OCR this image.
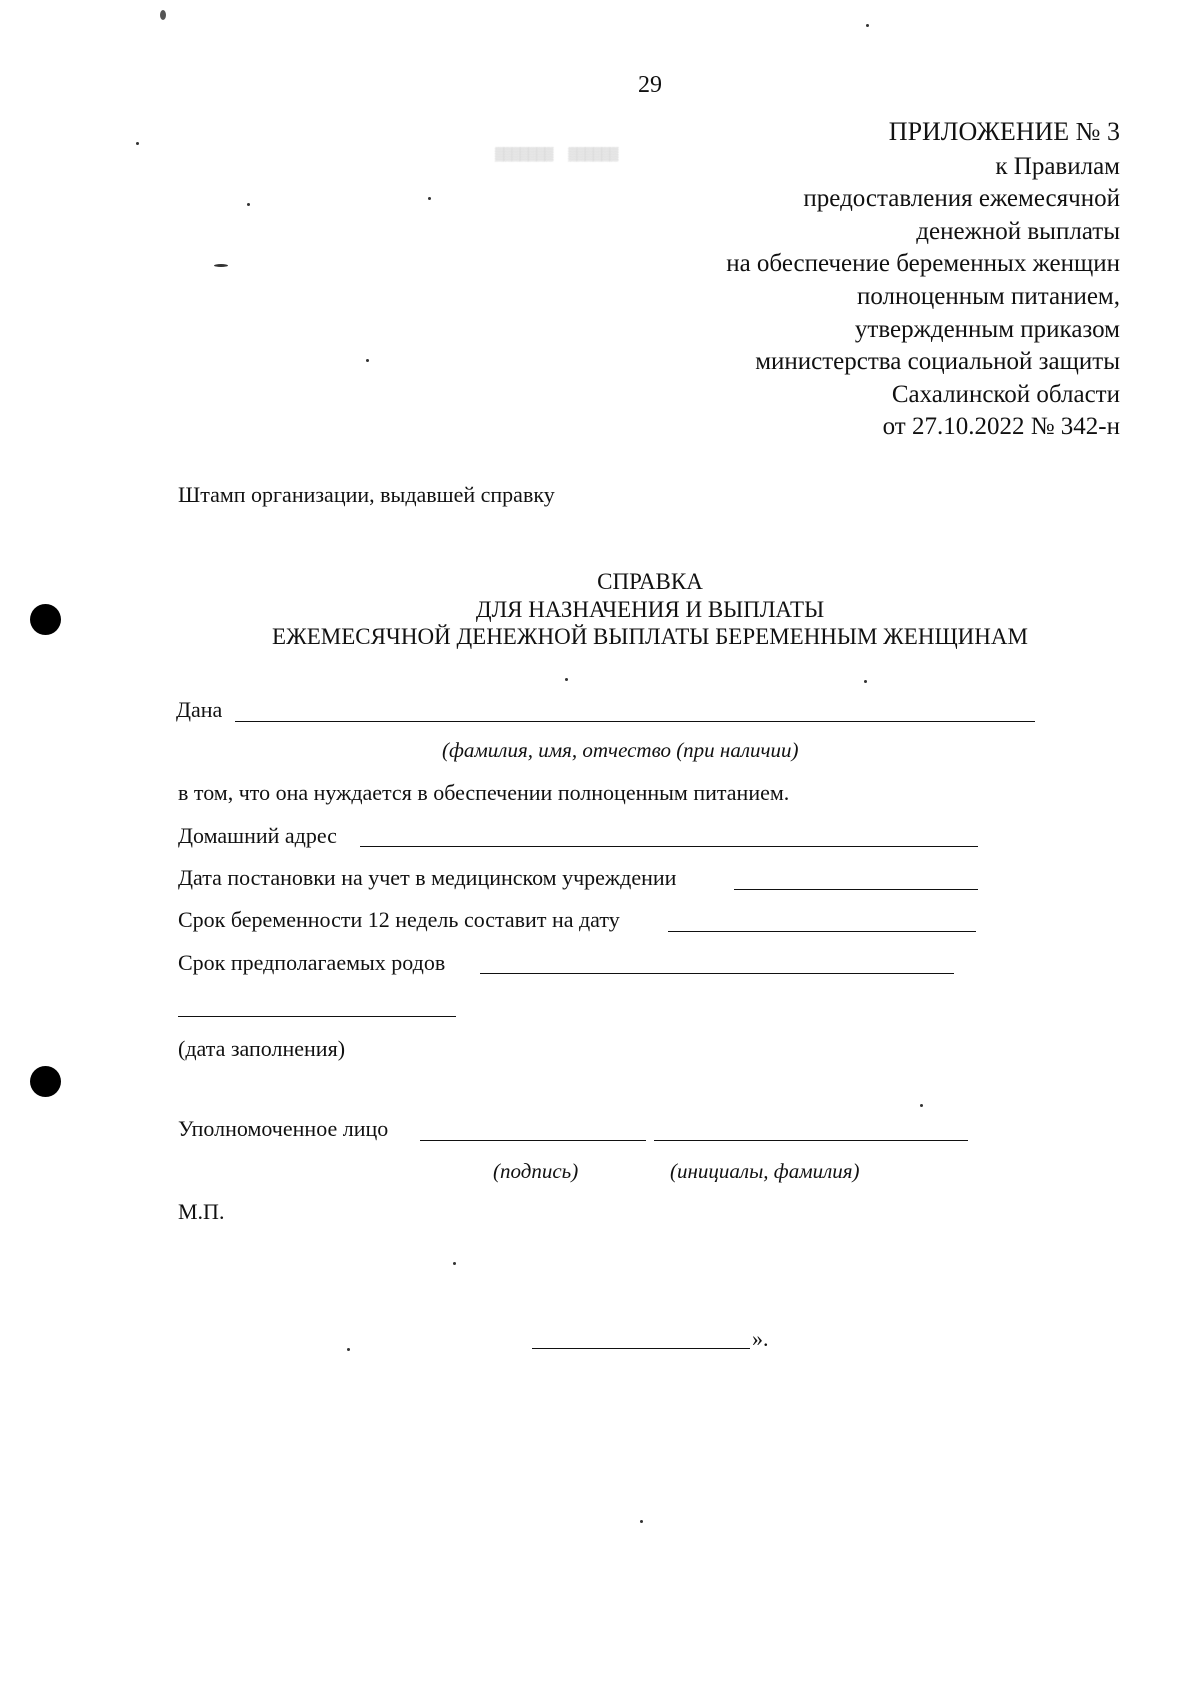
▒▒▒▒▒▒▒       ▒▒▒▒▒▒
29
ПРИЛОЖЕНИЕ № 3
к Правилам
предоставления ежемесячной
денежной выплаты
на обеспечение беременных женщин
полноценным питанием,
утвержденным приказом
министерства социальной защиты
Сахалинской области
от 27.10.2022 № 342-н
Штамп организации, выдавшей справку
СПРАВКА
ДЛЯ НАЗНАЧЕНИЯ И ВЫПЛАТЫ
ЕЖЕМЕСЯЧНОЙ ДЕНЕЖНОЙ ВЫПЛАТЫ БЕРЕМЕННЫМ ЖЕНЩИНАМ
Дана
(фамилия, имя, отчество (при наличии)
в том, что она нуждается в обеспечении полноценным питанием.
Домашний адрес
Дата постановки на учет в медицинском учреждении
Срок беременности 12 недель составит на дату
Срок предполагаемых родов
(дата заполнения)
Уполномоченное лицо
(подпись)	(инициалы, фамилия)
М.П.
».
